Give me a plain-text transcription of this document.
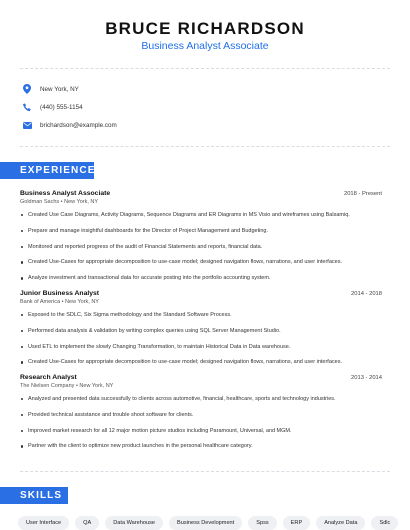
BRUCE RICHARDSON
Business Analyst Associate
New York, NY
(440) 555-1154
brichardson@example.com
EXPERIENCE
Business Analyst Associate	2018 - Present
Goldman Sachs • New York, NY
Created Use Case Diagrams, Activity Diagrams, Sequence Diagrams and ER Diagrams in MS Visio and wireframes using Balsamiq.
Prepare and manage insightful dashboards for the Director of Project Management and Budgeting.
Monitored and reported progress of the audit of Financial Statements and reports, financial data.
Created Use-Cases for appropriate decomposition to use-case model; designed navigation flows, narrations, and user interfaces.
Analyze investment and transactional data for accurate posting into the portfolio accounting system.
Junior Business Analyst	2014 - 2018
Bank of America • New York, NY
Exposed to the SDLC, Six Sigma methodology and the Standard Software Process.
Performed data analysis & validation by writing complex queries using SQL Server Management Studio.
Used ETL to implement the slowly Changing Transformation, to maintain Historical Data in Data warehouse.
Created Use-Cases for appropriate decomposition to use-case model; designed navigation flows, narrations, and user interfaces.
Research Analyst	2013 - 2014
The Nielsen Company • New York, NY
Analyzed and presented data successfully to clients across automotive, financial, healthcare, sports and technology industries.
Provided technical assistance and trouble shoot software for clients.
Improved market research for all 12 major motion picture studios including Paramount, Universal, and MGM.
Partner with the client to optimize new product launches in the personal healthcare category.
SKILLS
User Interface	QA	Data Warehouse	Business Development	Spss	ERP	Analyze Data	Sdlc
